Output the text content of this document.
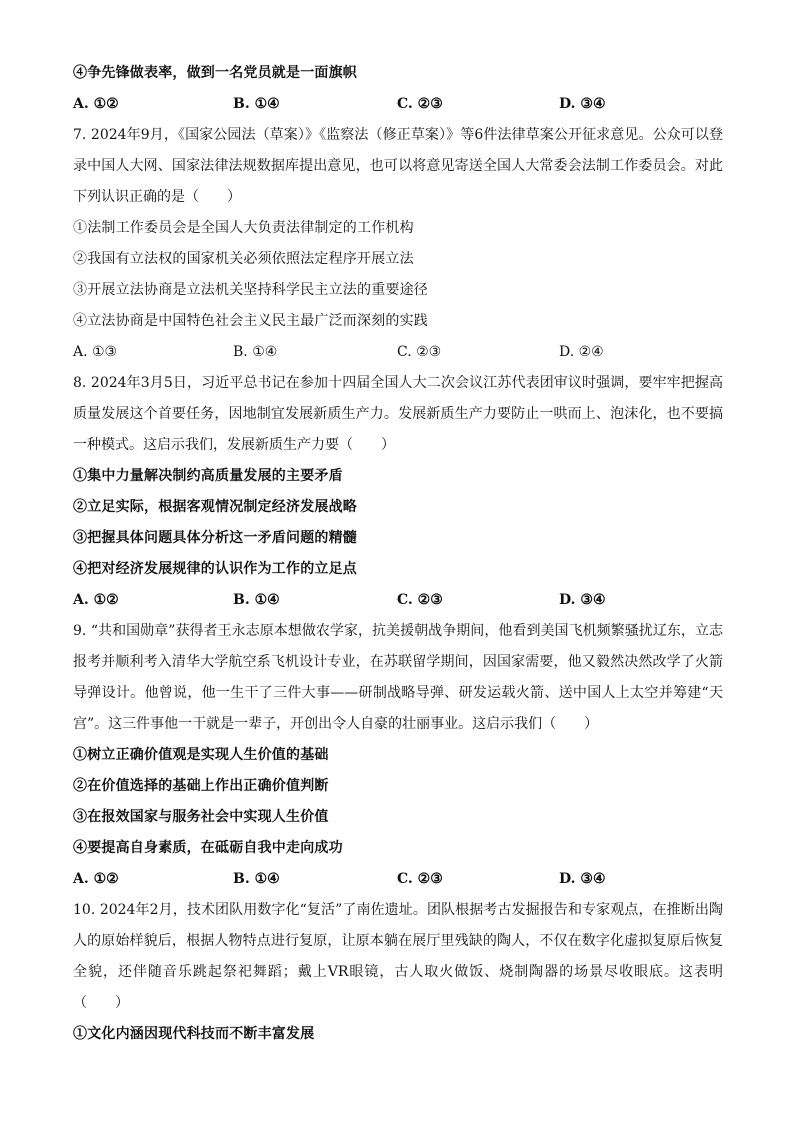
④争先锋做表率，做到一名党员就是一面旗帜
A. ①②	B. ①④	C. ②③	D. ③④
7. 2024年9月，《国家公园法（草案）》《监察法（修正草案）》等6件法律草案公开征求意见。公众可以登录中国人大网、国家法律法规数据库提出意见，也可以将意见寄送全国人大常委会法制工作委员会。对此下列认识正确的是（　　）
①法制工作委员会是全国人大负责法律制定的工作机构
②我国有立法权的国家机关必须依照法定程序开展立法
③开展立法协商是立法机关坚持科学民主立法的重要途径
④立法协商是中国特色社会主义民主最广泛而深刻的实践
A. ①③	B. ①④	C. ②③	D. ②④
8. 2024年3月5日，习近平总书记在参加十四届全国人大二次会议江苏代表团审议时强调，要牢牢把握高质量发展这个首要任务，因地制宜发展新质生产力。发展新质生产力要防止一哄而上、泡沫化，也不要搞一种模式。这启示我们，发展新质生产力要（　　）
①集中力量解决制约高质量发展的主要矛盾
②立足实际，根据客观情况制定经济发展战略
③把握具体问题具体分析这一矛盾问题的精髓
④把对经济发展规律的认识作为工作的立足点
A. ①②	B. ①④	C. ②③	D. ③④
9. “共和国勋章”获得者王永志原本想做农学家，抗美援朝战争期间，他看到美国飞机频繁骚扰辽东，立志报考并顺利考入清华大学航空系飞机设计专业，在苏联留学期间，因国家需要，他又毅然决然改学了火箭导弹设计。他曾说，他一生干了三件大事——研制战略导弹、研发运载火箭、送中国人上太空并筹建“天宫”。这三件事他一干就是一辈子，开创出令人自豪的壮丽事业。这启示我们（　　）
①树立正确价值观是实现人生价值的基础
②在价值选择的基础上作出正确价值判断
③在报效国家与服务社会中实现人生价值
④要提高自身素质，在砥砺自我中走向成功
A. ①②	B. ①④	C. ②③	D. ③④
10. 2024年2月，技术团队用数字化“复活”了南佐遗址。团队根据考古发掘报告和专家观点，在推断出陶人的原始样貌后，根据人物特点进行复原，让原本躺在展厅里残缺的陶人，不仅在数字化虚拟复原后恢复全貌，还伴随音乐跳起祭祀舞蹈；戴上VR眼镜，古人取火做饭、烧制陶器的场景尽收眼底。这表明（　　）
①文化内涵因现代科技而不断丰富发展
